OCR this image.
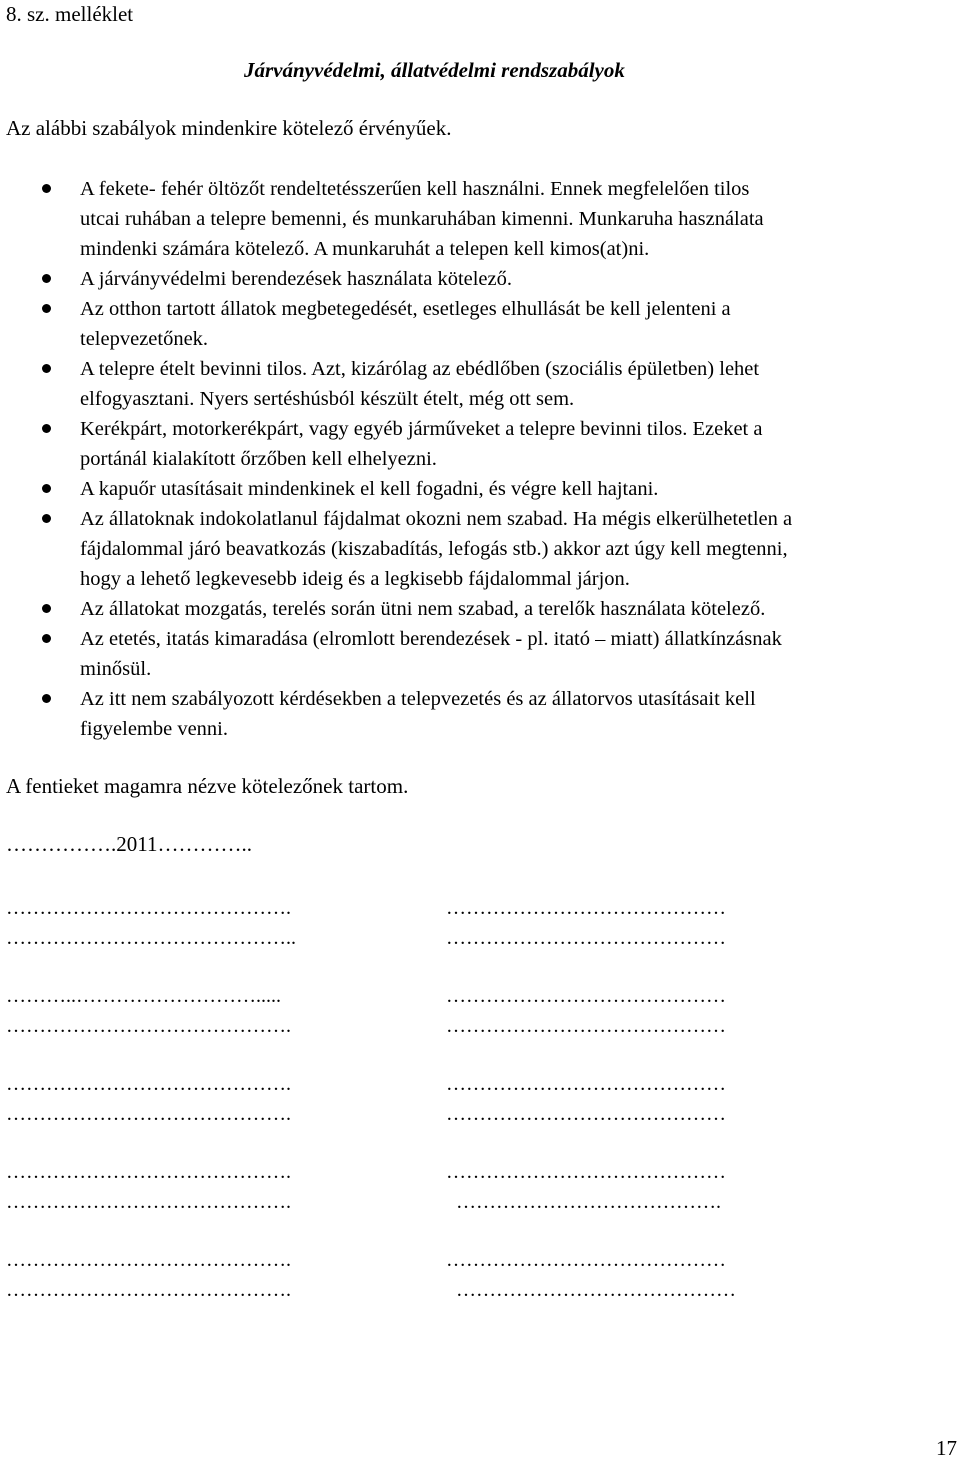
8. sz. melléklet
Járványvédelmi, állatvédelmi rendszabályok
Az alábbi szabályok mindenkire kötelező érvényűek.
A fekete- fehér öltözőt rendeltetésszerűen kell használni. Ennek megfelelően tilos
utcai ruhában a telepre bemenni, és munkaruhában kimenni. Munkaruha használata
mindenki számára kötelező. A munkaruhát a telepen kell kimos(at)ni.
A járványvédelmi berendezések használata kötelező.
Az otthon tartott állatok megbetegedését, esetleges elhullását be kell jelenteni a
telepvezetőnek.
A telepre ételt bevinni tilos. Azt, kizárólag az ebédlőben (szociális épületben) lehet
elfogyasztani. Nyers sertéshúsból készült ételt, még ott sem.
Kerékpárt, motorkerékpárt, vagy egyéb járműveket a telepre bevinni tilos. Ezeket a
portánál kialakított őrzőben kell elhelyezni.
A kapuőr utasításait mindenkinek el kell fogadni, és végre kell hajtani.
Az állatoknak indokolatlanul fájdalmat okozni nem szabad. Ha mégis elkerülhetetlen a
fájdalommal járó beavatkozás (kiszabadítás, lefogás stb.) akkor azt úgy kell megtenni,
hogy a lehető legkevesebb ideig és a legkisebb fájdalommal járjon.
Az állatokat mozgatás, terelés során ütni nem szabad, a terelők használata kötelező.
Az etetés, itatás kimaradása (elromlott berendezések - pl. itató – miatt) állatkínzásnak
minősül.
Az itt nem szabályozott kérdésekben a telepvezetés és az állatorvos utasításait kell
figyelembe venni.
A fentieket magamra nézve kötelezőnek tartom.
…………….2011…………..
…………………………………….	……………………………………
……………………………………..	……………………………………
………..……………………….....	……………………………………
…………………………………….	……………………………………
…………………………………….	……………………………………
…………………………………….	……………………………………
…………………………………….	……………………………………
…………………………………….	………………………………….
…………………………………….	……………………………………
…………………………………….	……………………………………
17
